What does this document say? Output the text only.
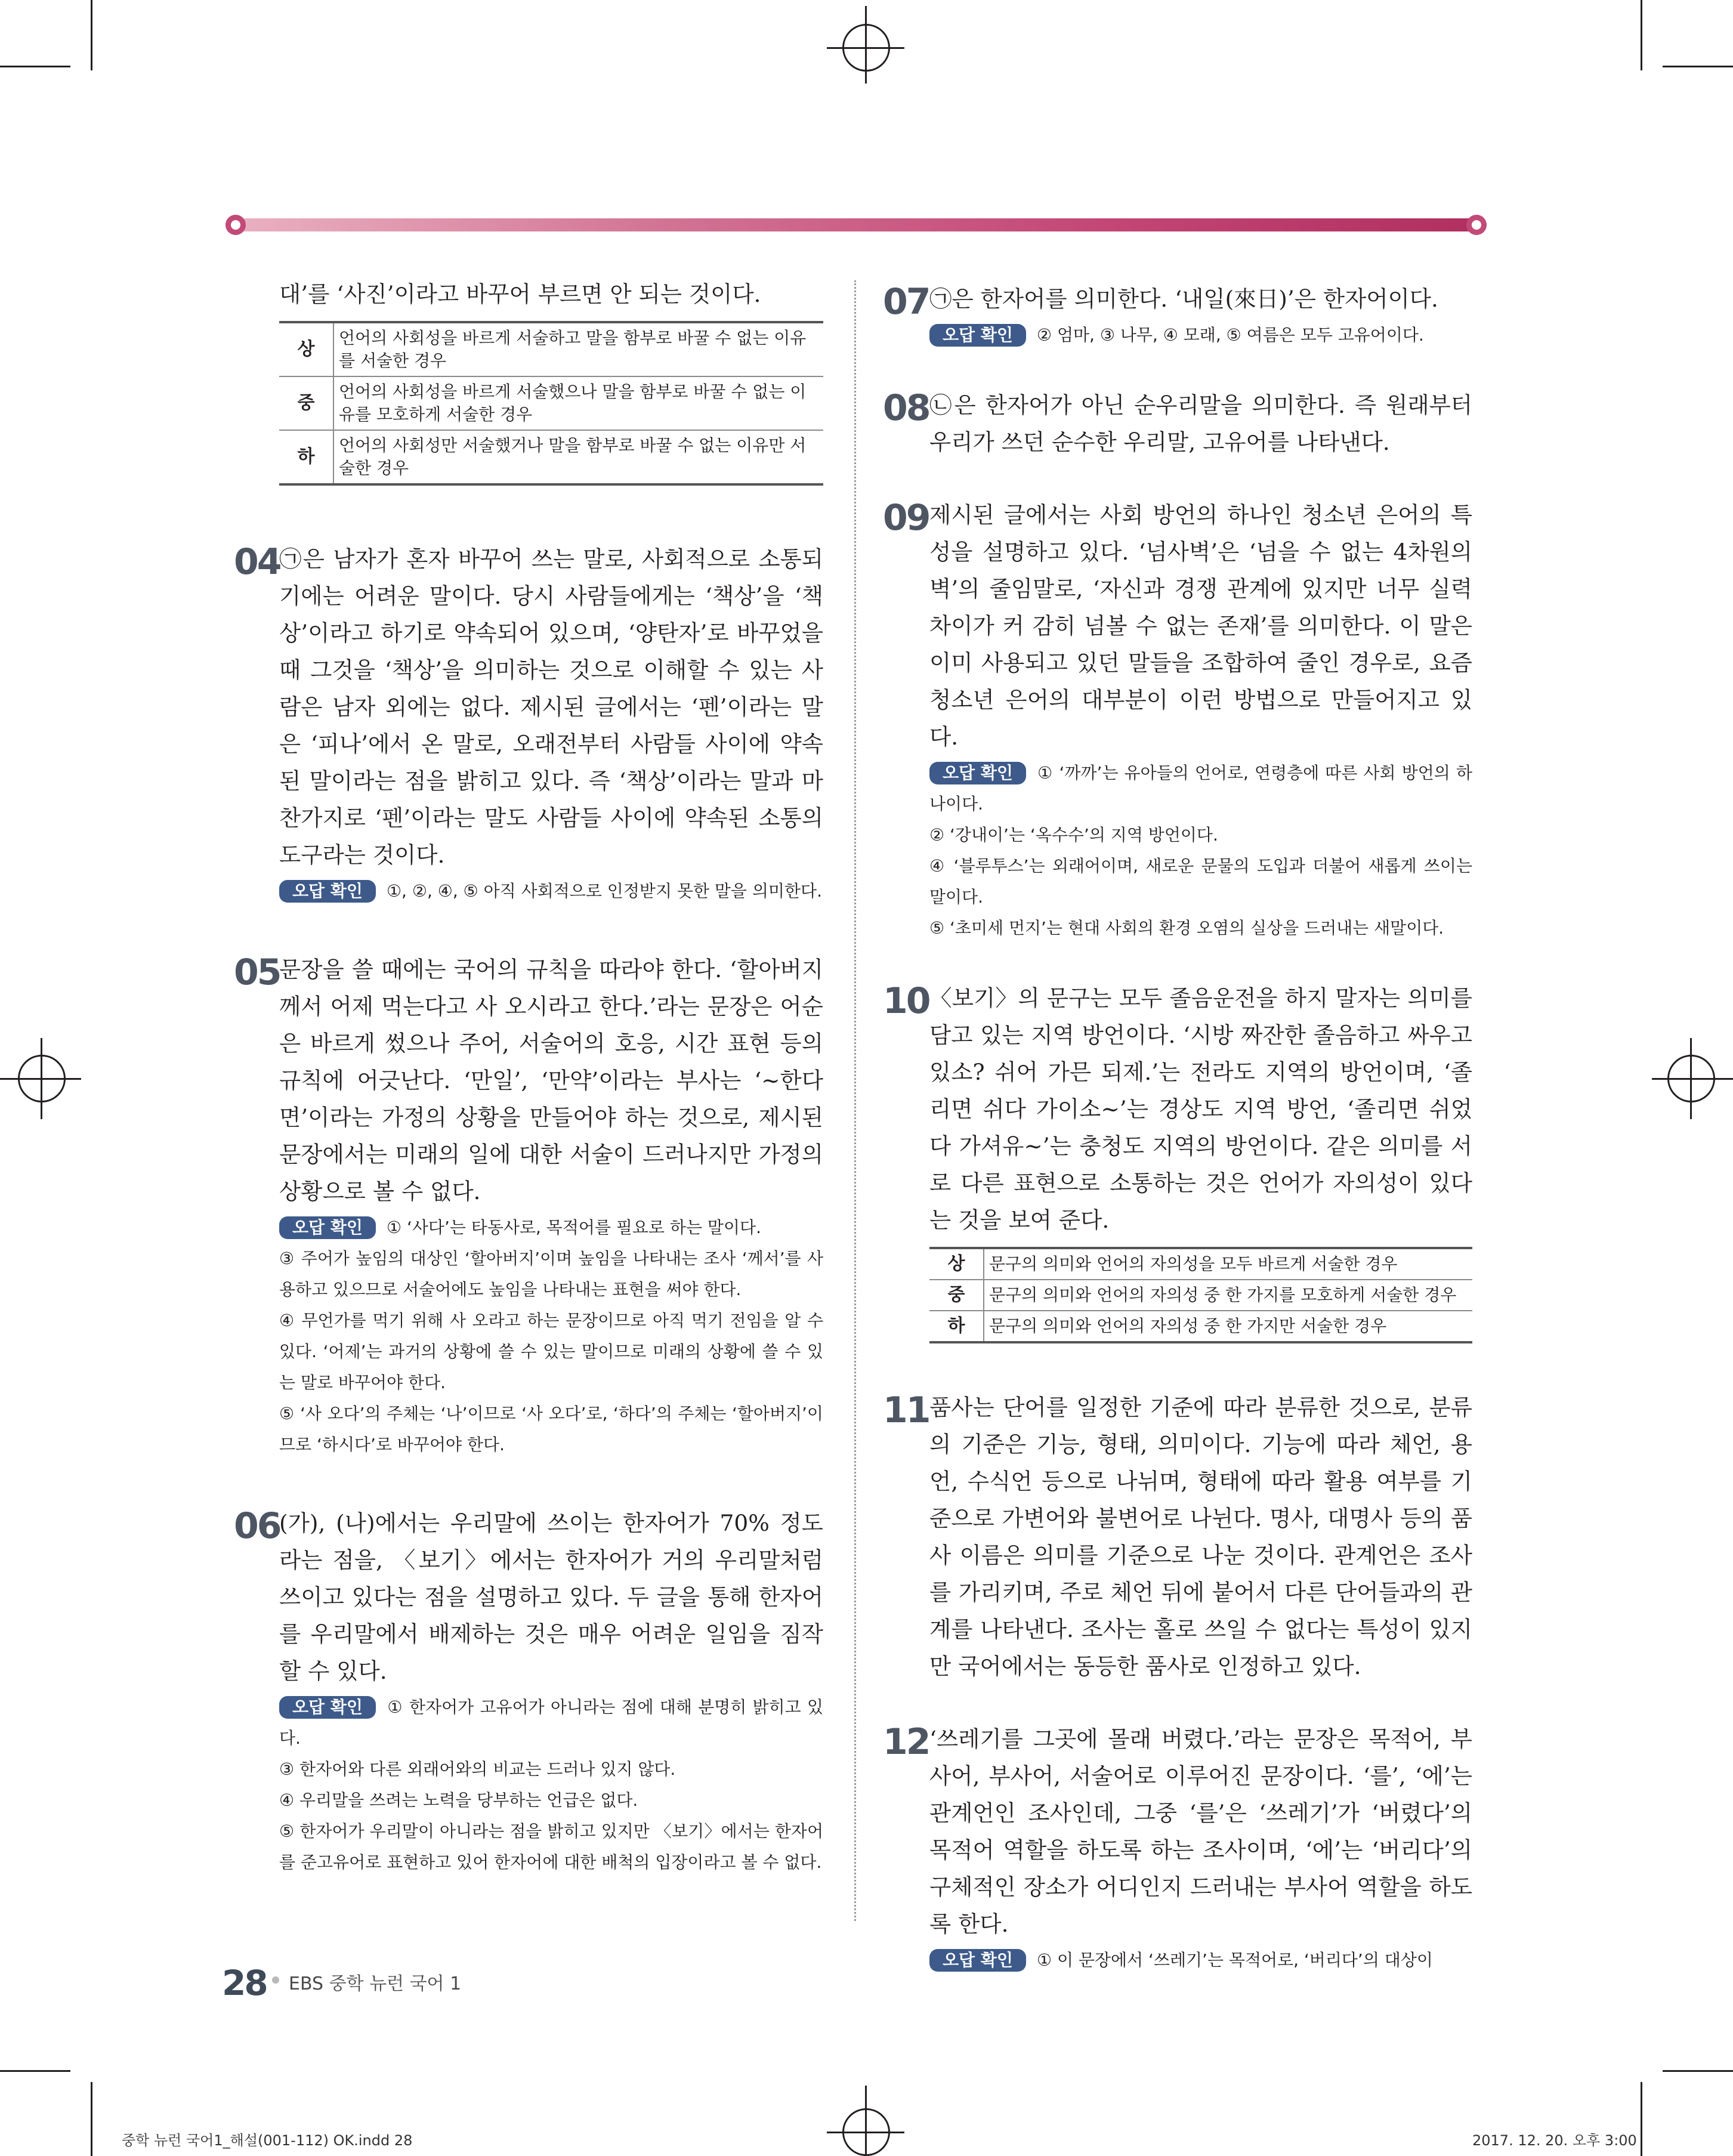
대’를 ‘사진’이라고 바꾸어 부르면 안 되는 것이다.

상	언어의 사회성을 바르게 서술하고 말을 함부로 바꿀 수 없는 이유를 서술한 경우
중	언어의 사회성을 바르게 서술했으나 말을 함부로 바꿀 수 없는 이유를 모호하게 서술한 경우
하	언어의 사회성만 서술했거나 말을 함부로 바꿀 수 없는 이유만 서술한 경우
04

㉠은 남자가 혼자 바꾸어 쓰는 말로, 사회적으로 소통되기에는 어려운 말이다. 당시 사람들에게는 ‘책상’을 ‘책상’이라고 하기로 약속되어 있으며, ‘양탄자’로 바꾸었을 때 그것을 ‘책상’을 의미하는 것으로 이해할 수 있는 사람은 남자 외에는 없다. 제시된 글에서는 ‘펜’이라는 말은 ‘피나’에서 온 말로, 오래전부터 사람들 사이에 약속된 말이라는 점을 밝히고 있다. 즉 ‘책상’이라는 말과 마찬가지로 ‘펜’이라는 말도 사람들 사이에 약속된 소통의 도구라는 것이다.

오답 확인 ①, ②, ④, ⑤ 아직 사회적으로 인정받지 못한 말을 의미한다.

05

문장을 쓸 때에는 국어의 규칙을 따라야 한다. ‘할아버지께서 어제 먹는다고 사 오시라고 한다.’라는 문장은 어순은 바르게 썼으나 주어, 서술어의 호응, 시간 표현 등의 규칙에 어긋난다. ‘만일’, ‘만약’이라는 부사는 ‘~한다면’이라는 가정의 상황을 만들어야 하는 것으로, 제시된 문장에서는 미래의 일에 대한 서술이 드러나지만 가정의 상황으로 볼 수 없다.

오답 확인 ① ‘사다’는 타동사로, 목적어를 필요로 하는 말이다.

③ 주어가 높임의 대상인 ‘할아버지’이며 높임을 나타내는 조사 ‘께서’를 사용하고 있으므로 서술어에도 높임을 나타내는 표현을 써야 한다.

④ 무언가를 먹기 위해 사 오라고 하는 문장이므로 아직 먹기 전임을 알 수 있다. ‘어제’는 과거의 상황에 쓸 수 있는 말이므로 미래의 상황에 쓸 수 있는 말로 바꾸어야 한다.

⑤ ‘사 오다’의 주체는 ‘나’이므로 ‘사 오다’로, ‘하다’의 주체는 ‘할아버지’이므로 ‘하시다’로 바꾸어야 한다.

06

(가), (나)에서는 우리말에 쓰이는 한자어가 70% 정도라는 점을, 〈보기〉에서는 한자어가 거의 우리말처럼 쓰이고 있다는 점을 설명하고 있다. 두 글을 통해 한자어를 우리말에서 배제하는 것은 매우 어려운 일임을 짐작할 수 있다.

오답 확인 ① 한자어가 고유어가 아니라는 점에 대해 분명히 밝히고 있다.

③ 한자어와 다른 외래어와의 비교는 드러나 있지 않다.

④ 우리말을 쓰려는 노력을 당부하는 언급은 없다.

⑤ 한자어가 우리말이 아니라는 점을 밝히고 있지만 〈보기〉에서는 한자어를 준고유어로 표현하고 있어 한자어에 대한 배척의 입장이라고 볼 수 없다.

07 ㉠은 한자어를 의미한다. ‘내일(來日)’은 한자어이다.

오답 확인 ② 엄마, ③ 나무, ④ 모래, ⑤ 여름은 모두 고유어이다.

08 ㉡은 한자어가 아닌 순우리말을 의미한다. 즉 원래부터 우리가 쓰던 순수한 우리말, 고유어를 나타낸다.

09 제시된 글에서는 사회 방언의 하나인 청소년 은어의 특성을 설명하고 있다. ‘넘사벽’은 ‘넘을 수 없는 4차원의 벽’의 줄임말로, ‘자신과 경쟁 관계에 있지만 너무 실력 차이가 커 감히 넘볼 수 없는 존재’를 의미한다. 이 말은 이미 사용되고 있던 말들을 조합하여 줄인 경우로, 요즘 청소년 은어의 대부분이 이런 방법으로 만들어지고 있다.

오답 확인 ① ‘까까’는 유아들의 언어로, 연령층에 따른 사회 방언의 하나이다.

② ‘강내이’는 ‘옥수수’의 지역 방언이다.

④ ‘블루투스’는 외래어이며, 새로운 문물의 도입과 더불어 새롭게 쓰이는 말이다.

⑤ ‘초미세 먼지’는 현대 사회의 환경 오염의 실상을 드러내는 새말이다.

10 〈보기〉의 문구는 모두 졸음운전을 하지 말자는 의미를 담고 있는 지역 방언이다. ‘시방 짜잔한 졸음하고 싸우고 있소? 쉬어 가믄 되제.’는 전라도 지역의 방언이며, ‘졸리면 쉬다 가이소~’는 경상도 지역 방언, ‘졸리면 쉬었다 가셔유~’는 충청도 지역의 방언이다. 같은 의미를 서로 다른 표현으로 소통하는 것은 언어가 자의성이 있다는 것을 보여 준다.

상	문구의 의미와 언어의 자의성을 모두 바르게 서술한 경우
중	문구의 의미와 언어의 자의성 중 한 가지를 모호하게 서술한 경우
하	문구의 의미와 언어의 자의성 중 한 가지만 서술한 경우
11 품사는 단어를 일정한 기준에 따라 분류한 것으로, 분류의 기준은 기능, 형태, 의미이다. 기능에 따라 체언, 용언, 수식언 등으로 나뉘며, 형태에 따라 활용 여부를 기준으로 가변어와 불변어로 나뉜다. 명사, 대명사 등의 품사 이름은 의미를 기준으로 나눈 것이다. 관계언은 조사를 가리키며, 주로 체언 뒤에 붙어서 다른 단어들과의 관계를 나타낸다. 조사는 홀로 쓰일 수 없다는 특성이 있지만 국어에서는 동등한 품사로 인정하고 있다.

12 ‘쓰레기를 그곳에 몰래 버렸다.’라는 문장은 목적어, 부사어, 부사어, 서술어로 이루어진 문장이다. ‘를’, ‘에’는 관계언인 조사인데, 그중 ‘를’은 ‘쓰레기’가 ‘버렸다’의 목적어 역할을 하도록 하는 조사이며, ‘에’는 ‘버리다’의 구체적인 장소가 어디인지 드러내는 부사어 역할을 하도록 한다.

오답 확인 ① 이 문장에서 ‘쓰레기’는 목적어로, ‘버리다’의 대상이

28 EBS 중학 뉴런 국어 1
중학 뉴런 국어1_해설(001-112) OK.indd 28	2017. 12. 20. 오후 3:00
